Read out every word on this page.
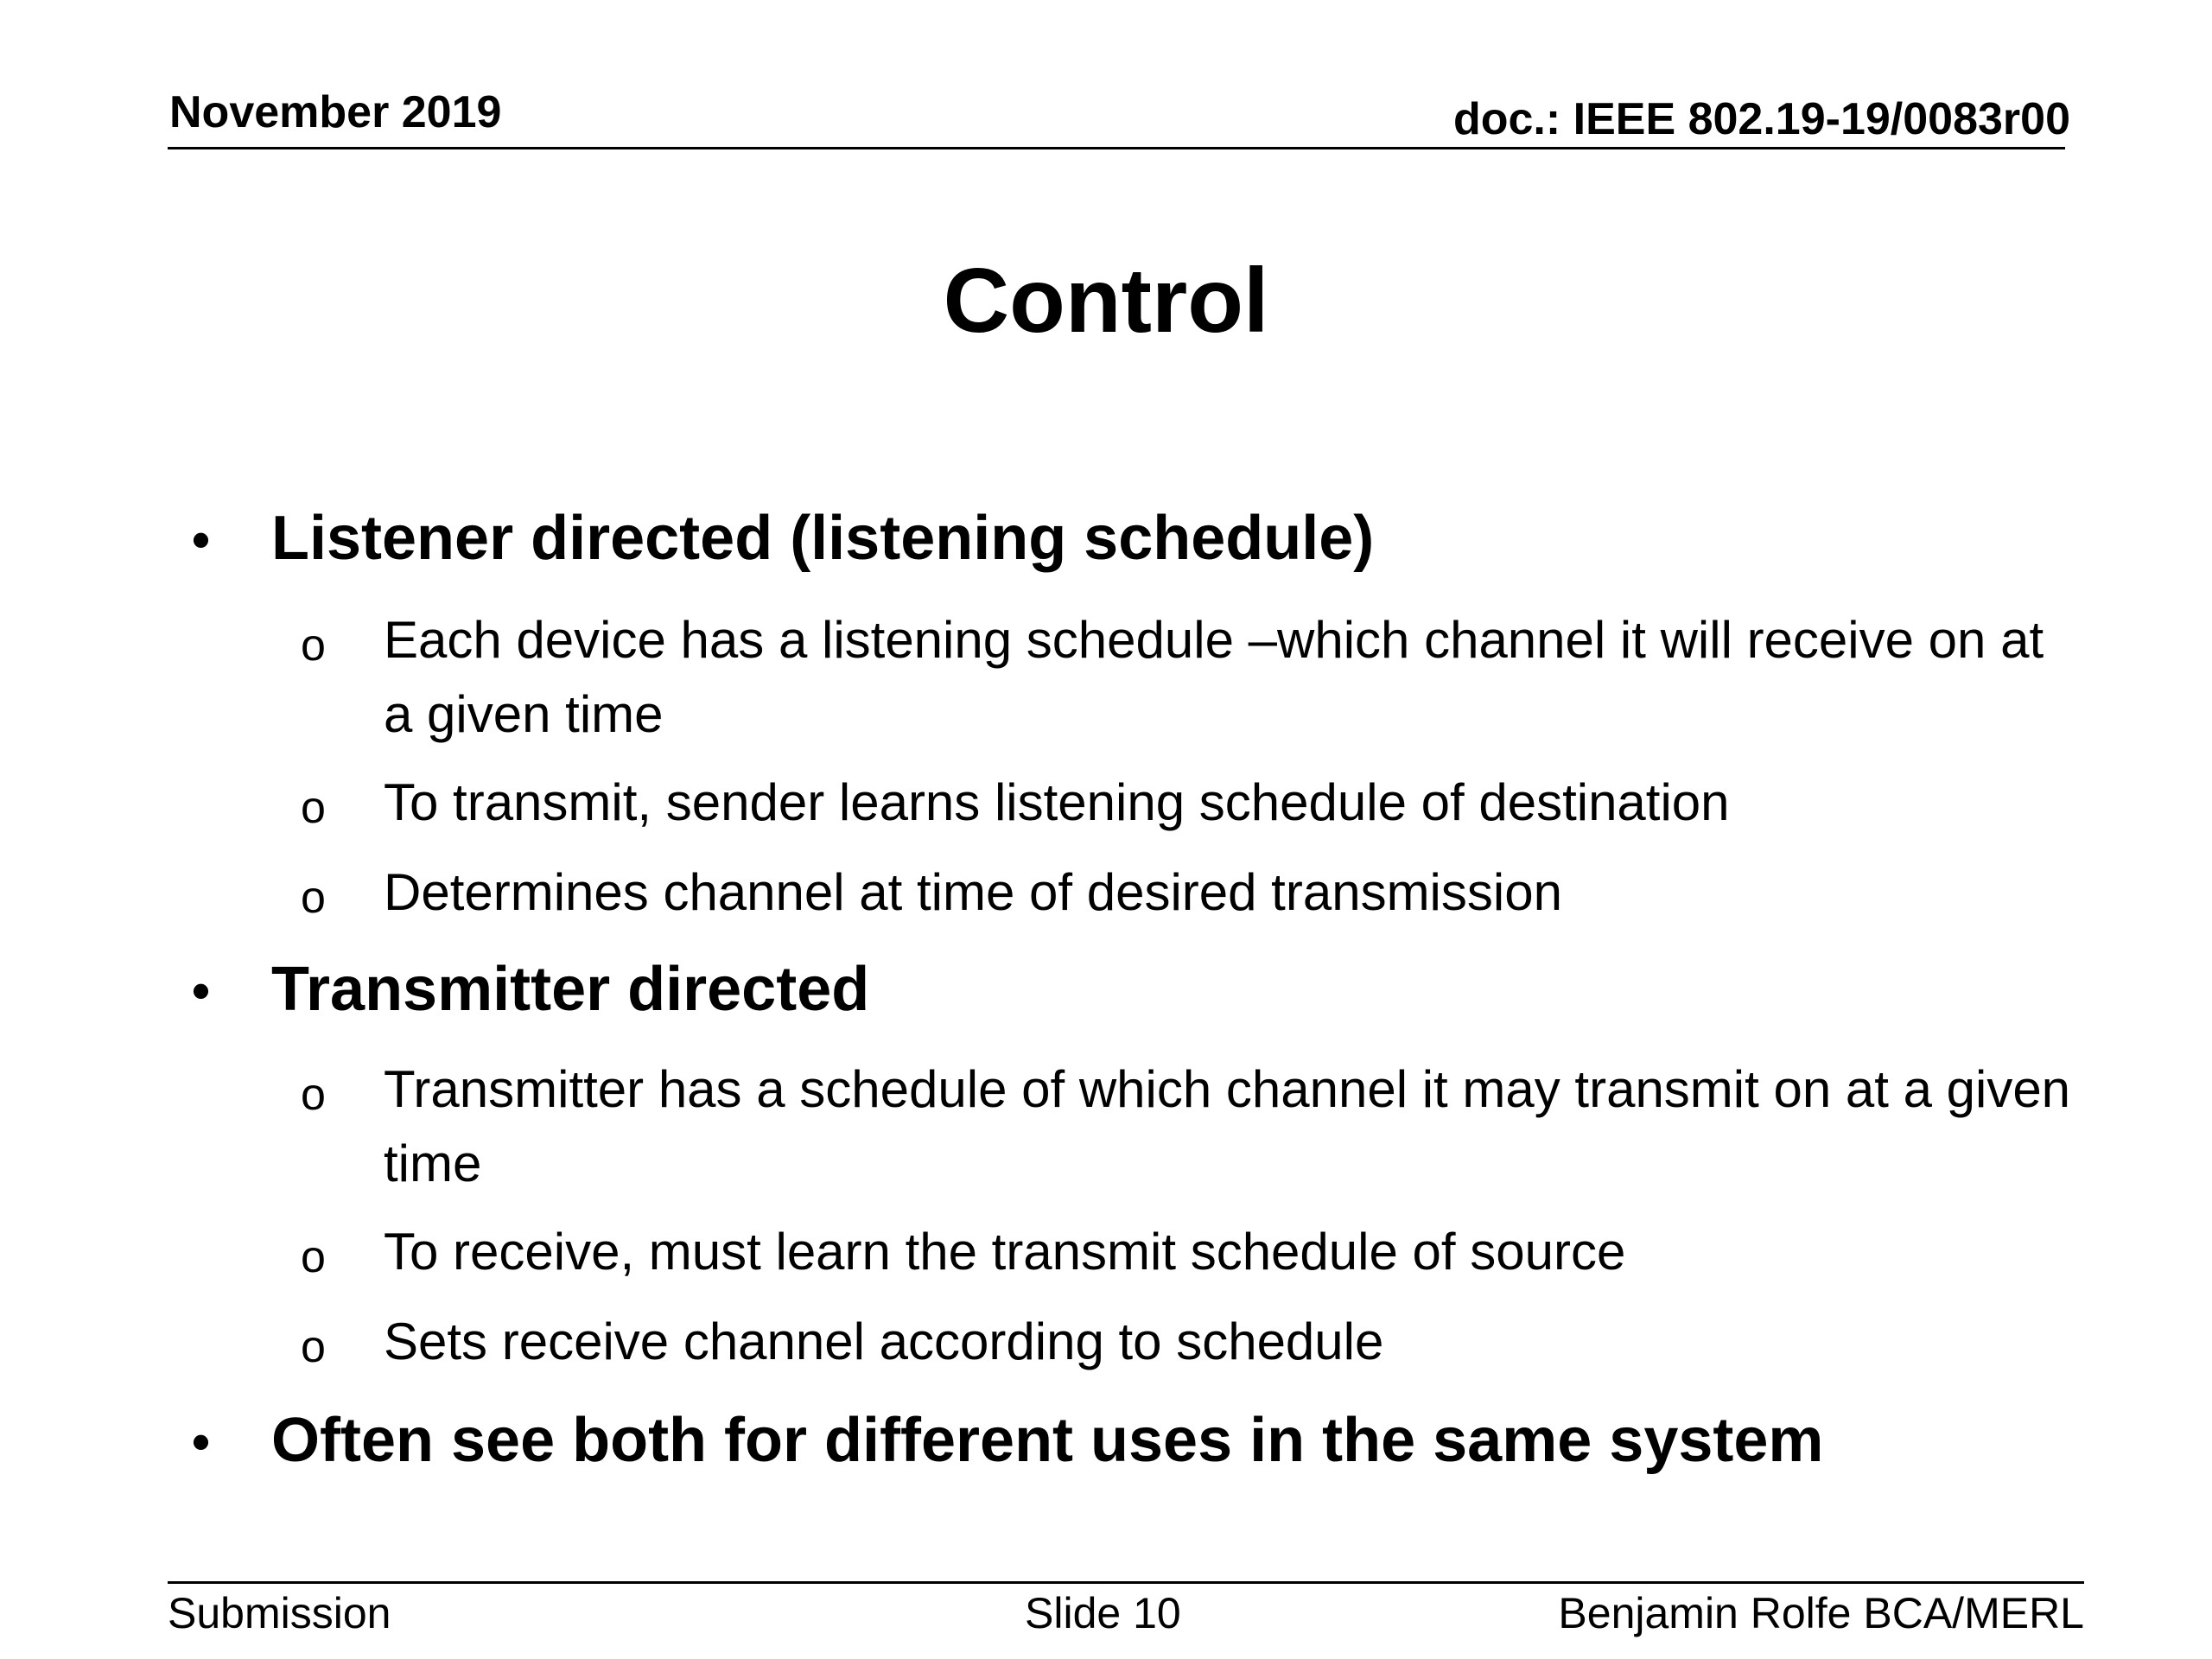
November 2019	doc.: IEEE 802.19-19/0083r00
Control
• Listener directed (listening schedule)
o Each device has a listening schedule –which channel it will receive on at a given time
o To transmit, sender learns listening schedule of destination
o Determines channel at time of desired transmission
• Transmitter directed
o Transmitter has a schedule of which channel it may transmit on at a given time
o To receive, must learn the transmit schedule of source
o Sets receive channel according to schedule
• Often see both for different uses in the same system
Submission	Slide 10	Benjamin Rolfe BCA/MERL
